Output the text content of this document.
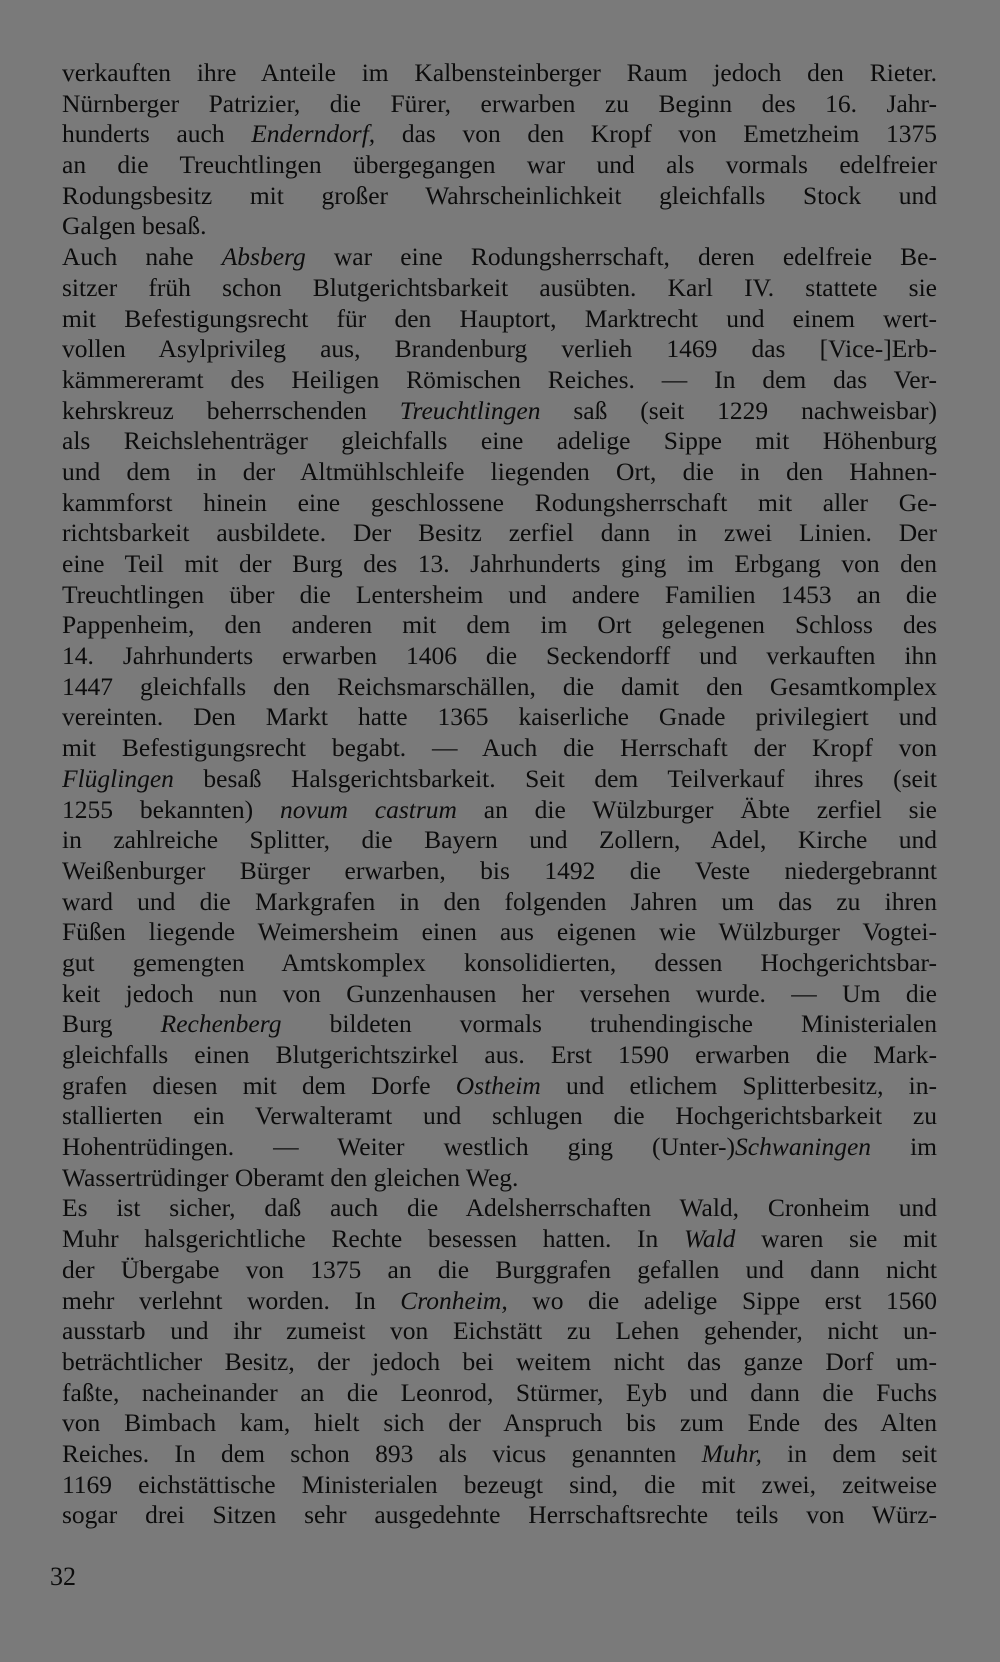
verkauften ihre Anteile im Kalbensteinberger Raum jedoch den Rieter.
Nürnberger Patrizier, die Fürer, erwarben zu Beginn des 16. Jahr-
hunderts auch Enderndorf, das von den Kropf von Emetzheim 1375
an die Treuchtlingen übergegangen war und als vormals edelfreier
Rodungsbesitz mit großer Wahrscheinlichkeit gleichfalls Stock und
Galgen besaß.
Auch nahe Absberg war eine Rodungsherrschaft, deren edelfreie Be-
sitzer früh schon Blutgerichtsbarkeit ausübten. Karl IV. stattete sie
mit Befestigungsrecht für den Hauptort, Marktrecht und einem wert-
vollen Asylprivileg aus, Brandenburg verlieh 1469 das [Vice-]Erb-
kämmereramt des Heiligen Römischen Reiches. — In dem das Ver-
kehrskreuz beherrschenden Treuchtlingen saß (seit 1229 nachweisbar)
als Reichslehenträger gleichfalls eine adelige Sippe mit Höhenburg
und dem in der Altmühlschleife liegenden Ort, die in den Hahnen-
kammforst hinein eine geschlossene Rodungsherrschaft mit aller Ge-
richtsbarkeit ausbildete. Der Besitz zerfiel dann in zwei Linien. Der
eine Teil mit der Burg des 13. Jahrhunderts ging im Erbgang von den
Treuchtlingen über die Lentersheim und andere Familien 1453 an die
Pappenheim, den anderen mit dem im Ort gelegenen Schloss des
14. Jahrhunderts erwarben 1406 die Seckendorff und verkauften ihn
1447 gleichfalls den Reichsmarschällen, die damit den Gesamtkomplex
vereinten. Den Markt hatte 1365 kaiserliche Gnade privilegiert und
mit Befestigungsrecht begabt. — Auch die Herrschaft der Kropf von
Flüglingen besaß Halsgerichtsbarkeit. Seit dem Teilverkauf ihres (seit
1255 bekannten) novum castrum an die Wülzburger Äbte zerfiel sie
in zahlreiche Splitter, die Bayern und Zollern, Adel, Kirche und
Weißenburger Bürger erwarben, bis 1492 die Veste niedergebrannt
ward und die Markgrafen in den folgenden Jahren um das zu ihren
Füßen liegende Weimersheim einen aus eigenen wie Wülzburger Vogtei-
gut gemengten Amtskomplex konsolidierten, dessen Hochgerichtsbar-
keit jedoch nun von Gunzenhausen her versehen wurde. — Um die
Burg Rechenberg bildeten vormals truhendingische Ministerialen
gleichfalls einen Blutgerichtszirkel aus. Erst 1590 erwarben die Mark-
grafen diesen mit dem Dorfe Ostheim und etlichem Splitterbesitz, in-
stallierten ein Verwalteramt und schlugen die Hochgerichtsbarkeit zu
Hohentrüdingen. — Weiter westlich ging (Unter-)Schwaningen im
Wassertrüdinger Oberamt den gleichen Weg.
Es ist sicher, daß auch die Adelsherrschaften Wald, Cronheim und
Muhr halsgerichtliche Rechte besessen hatten. In Wald waren sie mit
der Übergabe von 1375 an die Burggrafen gefallen und dann nicht
mehr verlehnt worden. In Cronheim, wo die adelige Sippe erst 1560
ausstarb und ihr zumeist von Eichstätt zu Lehen gehender, nicht un-
beträchtlicher Besitz, der jedoch bei weitem nicht das ganze Dorf um-
faßte, nacheinander an die Leonrod, Stürmer, Eyb und dann die Fuchs
von Bimbach kam, hielt sich der Anspruch bis zum Ende des Alten
Reiches. In dem schon 893 als vicus genannten Muhr, in dem seit
1169 eichstättische Ministerialen bezeugt sind, die mit zwei, zeitweise
sogar drei Sitzen sehr ausgedehnte Herrschaftsrechte teils von Würz-
32
